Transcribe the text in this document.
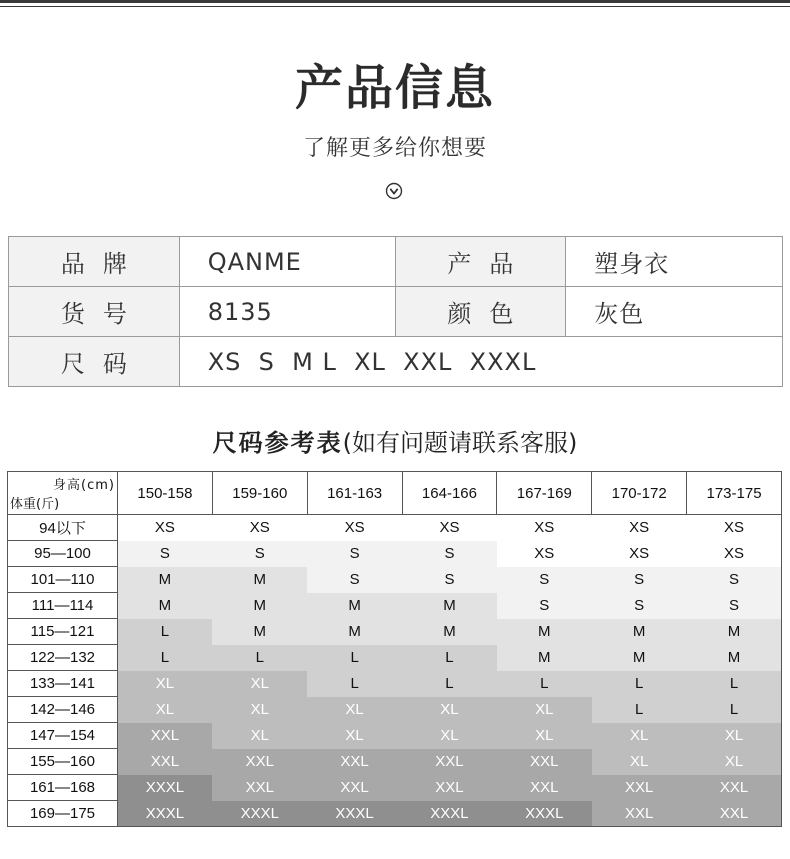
产品信息
了解更多给你想要
品牌	QANME	产品	塑身衣
货号	8135	颜色	灰色
尺码	XS  S  M L  XL  XXL  XXXL		
尺码参考表(如有问题请联系客服)
身高(cm)
体重(斤)	150-158	159-160	161-163	164-166	167-169	170-172	173-175
94以下	XS	XS	XS	XS	XS	XS	XS
95—100	S	S	S	S	XS	XS	XS
101—110	M	M	S	S	S	S	S
111—114	M	M	M	M	S	S	S
115—121	L	M	M	M	M	M	M
122—132	L	L	L	L	M	M	M
133—141	XL	XL	L	L	L	L	L
142—146	XL	XL	XL	XL	XL	L	L
147—154	XXL	XL	XL	XL	XL	XL	XL
155—160	XXL	XXL	XXL	XXL	XXL	XL	XL
161—168	XXXL	XXL	XXL	XXL	XXL	XXL	XXL
169—175	XXXL	XXXL	XXXL	XXXL	XXXL	XXL	XXL
